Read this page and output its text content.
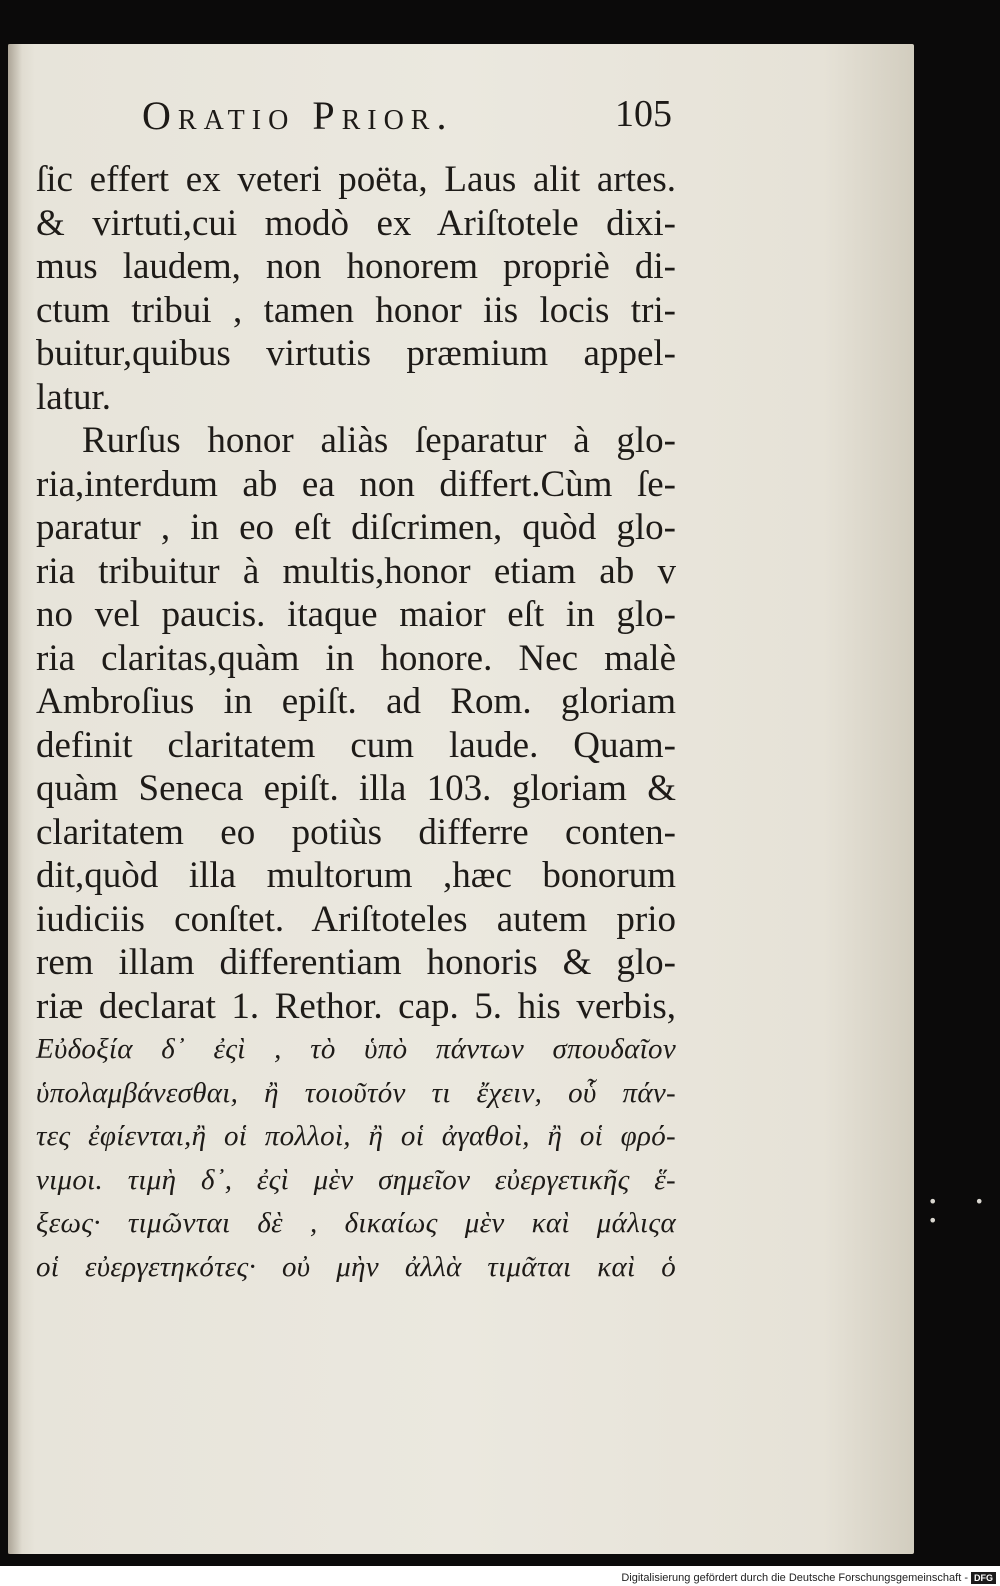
Oratio Prior.	105
ſic effert ex veteri poëta, Laus alit artes.
& virtuti,cui modò ex Ariſtotele dixi-
mus laudem, non honorem propriè di-
ctum tribui , tamen honor iis locis tri-
buitur,quibus virtutis præmium appel-
latur.
Rurſus honor aliàs ſeparatur à glo-
ria,interdum ab ea non differt.Cùm ſe-
paratur , in eo eſt diſcrimen, quòd glo-
ria tribuitur à multis,honor etiam ab v
no vel paucis. itaque maior eſt in glo-
ria claritas,quàm in honore. Nec malè
Ambroſius in epiſt. ad Rom. gloriam
definit claritatem cum laude. Quam-
quàm Seneca epiſt. illa 103. gloriam &
claritatem eo potiùs differre conten-
dit,quòd illa multorum ,hæc bonorum
iudiciis conſtet. Ariſtoteles autem prio
rem illam differentiam honoris & glo-
riæ declarat 1. Rethor. cap. 5. his verbis,
Εὐδοξία δ᾽ ἐςὶ , τὸ ὑπὸ πάντων σπουδαῖον
ὑπολαμβάνεσθαι, ἢ τοιοῦτόν τι ἔχειν, οὗ πάν-
τες ἐφίενται,ἢ οἱ πολλοὶ, ἢ οἱ ἀγαθοὶ, ἢ οἱ φρό-
νιμοι. τιμὴ δ᾽, ἐςὶ μὲν σημεῖον εὐεργετικῆς ἕ-
ξεως· τιμῶνται δὲ , δικαίως μὲν καὶ μάλιςα
οἱ εὐεργετηκότες· οὐ μὴν ἀλλὰ τιμᾶται καὶ ὁ
• • •
Digitalisierung gefördert durch die Deutsche Forschungsgemeinschaft - DFG
